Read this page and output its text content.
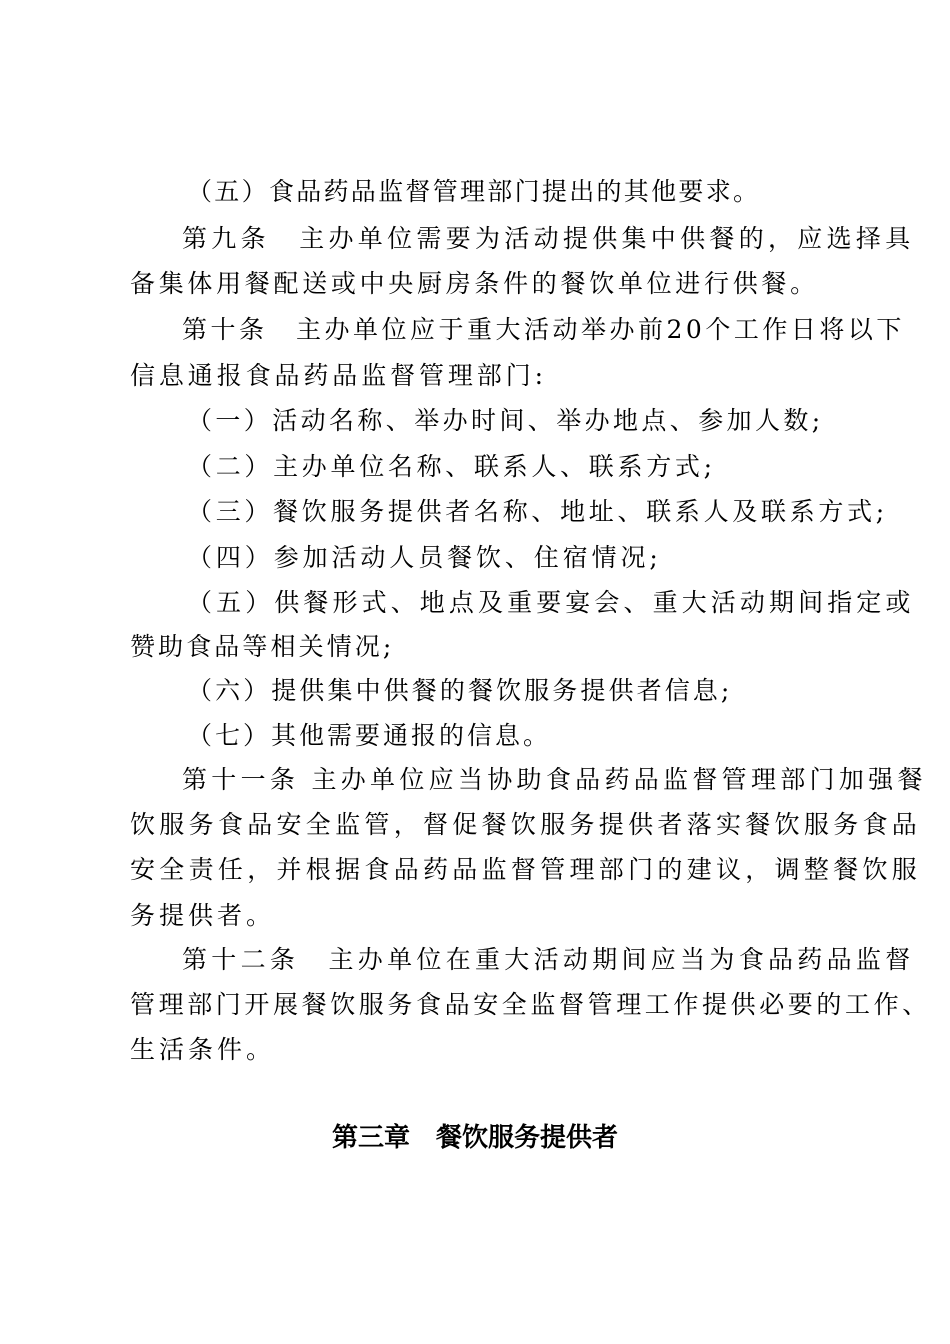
（五）食品药品监督管理部门提出的其他要求。
第九条　主办单位需要为活动提供集中供餐的，应选择具
备集体用餐配送或中央厨房条件的餐饮单位进行供餐。
第十条　主办单位应于重大活动举办前20个工作日将以下
信息通报食品药品监督管理部门:
（一）活动名称、举办时间、举办地点、参加人数;
（二）主办单位名称、联系人、联系方式;
（三）餐饮服务提供者名称、地址、联系人及联系方式;
（四）参加活动人员餐饮、住宿情况;
（五）供餐形式、地点及重要宴会、重大活动期间指定或
赞助食品等相关情况;
（六）提供集中供餐的餐饮服务提供者信息;
（七）其他需要通报的信息。
第十一条 主办单位应当协助食品药品监督管理部门加强餐
饮服务食品安全监管，督促餐饮服务提供者落实餐饮服务食品
安全责任，并根据食品药品监督管理部门的建议，调整餐饮服
务提供者。
第十二条　主办单位在重大活动期间应当为食品药品监督
管理部门开展餐饮服务食品安全监督管理工作提供必要的工作、
生活条件。
第三章　餐饮服务提供者
